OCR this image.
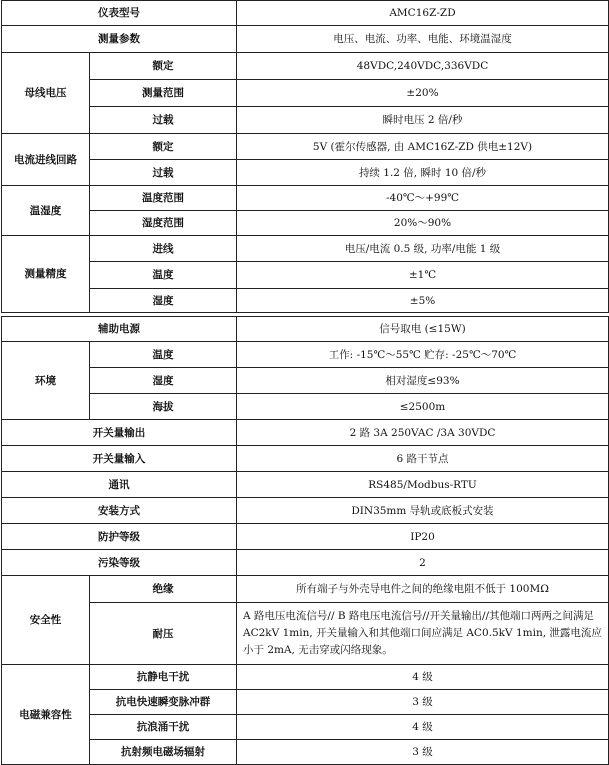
仪表型号		AMC16Z-ZD
测量参数		电压、电流、功率、电能、环境温湿度
母线电压	额定	48VDC,240VDC,336VDC
	测量范围	±20%
	过载	瞬时电压 2 倍/秒
电流进线回路	额定	5V (霍尔传感器, 由 AMC16Z-ZD 供电±12V)
	过载	持续 1.2 倍, 瞬时 10 倍/秒
温湿度	温度范围	-40℃～+99℃
	湿度范围	20%～90%
测量精度	进线	电压/电流 0.5 级, 功率/电能 1 级
	温度	±1℃
	湿度	±5%
辅助电源		信号取电 (≤15W)
环境	温度	工作: -15℃～55℃ 贮存: -25℃～70℃
	湿度	相对湿度≤93%
	海拔	≤2500m
开关量输出		2 路 3A 250VAC /3A 30VDC
开关量输入		6 路干节点
通讯		RS485/Modbus-RTU
安装方式		DIN35mm 导轨或底板式安装
防护等级		IP20
污染等级		2
安全性	绝缘	所有端子与外壳导电件之间的绝缘电阻不低于 100MΩ
	耐压	A 路电压电流信号// B 路电压电流信号//开关量输出//其他端口两两之间满足AC2kV 1min, 开关量输入和其他端口间应满足 AC0.5kV 1min, 泄露电流应小于 2mA, 无击穿或闪络现象。
电磁兼容性	抗静电干扰	4 级
	抗电快速瞬变脉冲群	3 级
	抗浪涌干扰	4 级
	抗射频电磁场辐射	3 级
